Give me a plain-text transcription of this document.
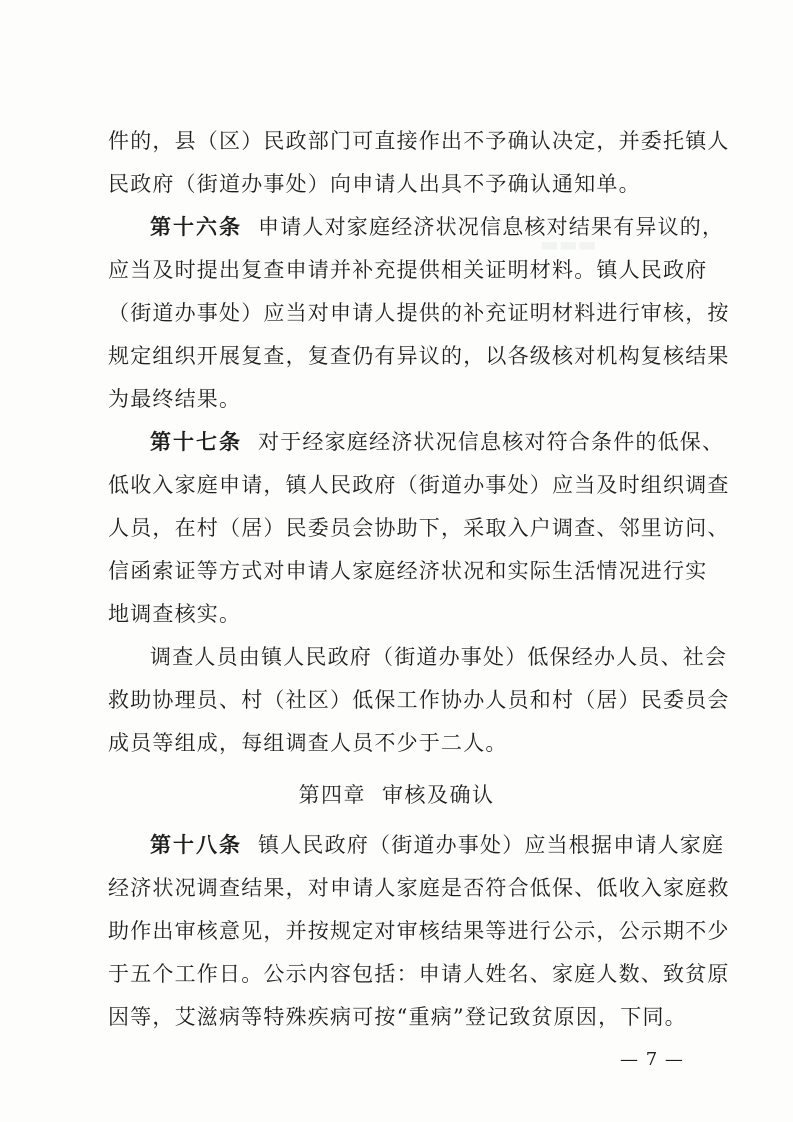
▬▬▬
件的，县（区）民政部门可直接作出不予确认决定，并委托镇人
民政府（街道办事处）向申请人出具不予确认通知单。
第十六条 申请人对家庭经济状况信息核对结果有异议的，
应当及时提出复查申请并补充提供相关证明材料。镇人民政府
（街道办事处）应当对申请人提供的补充证明材料进行审核，按
规定组织开展复查，复查仍有异议的，以各级核对机构复核结果
为最终结果。
第十七条 对于经家庭经济状况信息核对符合条件的低保、
低收入家庭申请，镇人民政府（街道办事处）应当及时组织调查
人员，在村（居）民委员会协助下，采取入户调查、邻里访问、
信函索证等方式对申请人家庭经济状况和实际生活情况进行实
地调查核实。
调查人员由镇人民政府（街道办事处）低保经办人员、社会
救助协理员、村（社区）低保工作协办人员和村（居）民委员会
成员等组成，每组调查人员不少于二人。
第四章 审核及确认
第十八条 镇人民政府（街道办事处）应当根据申请人家庭
经济状况调查结果，对申请人家庭是否符合低保、低收入家庭救
助作出审核意见，并按规定对审核结果等进行公示，公示期不少
于五个工作日。公示内容包括：申请人姓名、家庭人数、致贫原
因等，艾滋病等特殊疾病可按“重病”登记致贫原因，下同。
— 7 —
